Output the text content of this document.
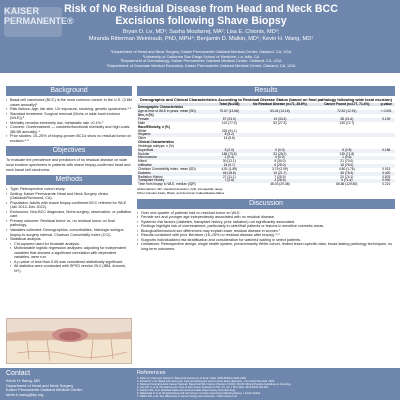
KAISER
PERMANENTE®
Risk of No Residual Disease from Head and Neck BCC Excisions following Shave Biopsy
Bryan D. Le, MD¹; Sasha Moufarrej, MA²; Lisa E. Chionis, MD³;
Miranda Ritterman Weintraub, PhD, MPH⁴; Benjamin D. Malkin, MD⁵; Kevin H. Wang, MD¹
¹Department of Head and Neck Surgery, Kaiser Permanente Oakland Medical Center, Oakland, CA, USA
²University of California San Diego School of Medicine, La Jolla, CA
³Department of Dermatology, Kaiser Permanente Oakland Medical Center, Oakland, CA, USA
⁴Department of Graduate Medical Education, Kaiser Permanente Oakland Medical Center, Oakland, CA, USA
Background
▪ Basal cell carcinoma (BCC) is the most common cancer in the U.S. (3.6M cases annually)¹
▪ Risk factors: Age, fair skin, UV exposure, smoking, genetic syndromes.¹·²
▪ Standard treatment: Surgical removal (Mohs or wide local excision (WLE)).³
▪ Mortality remains extremely low; metastatic rate <0.1%.¹
▪ Concern: Overtreatment — cosmetic/functional morbidity and high costs ($6.5B annually).⁴
▪ Prior studies: 15–25% of biopsy-proven BCCs show no residual tumor on excision.⁵·⁶
Objectives

To evaluate the prevalence and predictors of no residual disease on wide local excision specimens in patients with shave biopsy-confirmed head and neck basal cell carcinoma.

Methods
▪ Type: Retrospective cohort study.
▪ Setting: Kaiser Permanente Head and Neck Surgery clinics (Oakland/Richmond, CA).
▪ Population: Adults with shave biopsy-confirmed BCC referred for WLE (Jan 2012–Dec 2022).
▪ Exclusions: Non-BCC diagnoses, Mohs surgery, observation, or palliative care.
▪ Primary outcome: Residual tumor vs. no residual tumor on final pathology.
▪ Variables collected: Demographics, comorbidities, histologic subtype, biopsy-to-surgery interval, Charlson Comorbidity Index (CCI).
▪ Statistical analysis
▪ Chi-squared used for bivariate analysis.
▪ Multivariable logistic regression analyses: adjusting for independent variables that showed a significant correlation with dependent variables, were run.
▪ A p-value of less than 0.05 was considered statistically significant.
▪ All statistics were conducted with SPSS version 25.0 (IBM, Armonk, NY).
Results
Demographic and Clinical Characteristics According to Residual Disease Status (based on final pathology following wide local excision)
	Total (N=248)	No Residual Disease (n=71, 28.6%)	Cancer Found (n=177, 71.4%)	p-value
Demographic Characteristics				
Age at time of WLE in years, mean (SD)	70.67 (13.66)	63.44 (14.16)	72.62 (12.91)	< 0.001
Sex, n (%)				
Female	57 (23.0)	19 (33.3)	38 (21.6)	0.109
Male	191 (77.0)	52 (27.3)	139 (72.7)	
Race/Ethnicity, n (%)				
White	226 (91.1)			
Hispanic	8 (3.2)			
Other	14 (5.6)			
Clinical Characteristics				
Histologic subtype, n (%)				
Superficial	5 (2.0)	0 (0.0)	5 (2.8)	0.166
Nodular	188 (75.8)	53 (28.2)	135 (71.8)	
Micronodular	1 (0.4)	0 (0.0)	1 (0.6)	
Mixed	30 (12.1)	9 (30.0)	21 (70.0)	
Infiltrative	24 (9.7)	6 (25.0)	18 (75.0)	
Charlson Comorbidity Index, mean (SD)	4.51 (1.89)	3.79 (2.09)	4.80 (1.76)	0.013
Diabetes	46 (18.6)	10 (21.7)	36 (78.3)	0.420
Radiation History	27 (11.1)	7 (25.9)	20 (74.1)	0.876
Transplant History	7 (2.8)	2 (28.6)	5 (71.4)	0.992
Time from biopsy to WLE, median (IQR)		46.03 (29.48)	65.86 (129.80)	0.221
Abbreviations: SD, standard deviation; IQR, interquartile range
Other includes Asian, Black, and American Indian/Alaska Native
Discussion
▪ Over one-quarter of patients had no residual tumor on WLE.
▪ Female sex and younger age independently associated with no residual disease.
▪ Systemic risk factors (diabetes, transplant history, prior radiation) not significantly associated.
▪ Findings highlight risk of overtreatment, particularly in older/frail patients or lesions in sensitive cosmetic areas.
▪ Biological/behavioral sex differences may explain lower residual disease in women.⁷
▪ Results consistent with prior literature (15–25% no residual disease after biopsy).⁵·⁶
▪ Supports individualized risk stratification and consideration for watchful waiting in select patients.
▪ Limitations: Retrospective design, single health system, predominantly White cohort, limited lesion-specific data, broad-lasting pathology techniques, no long-term outcomes.
Contact
Kevin H. Wang, MD
Department of Head and Neck Surgery
Kaiser Permanente Oakland Medical Center
kevin.h.wang@kp.org
References
1. Rubin AI, Chen EH, Ratner D. Basal-cell carcinoma. N Engl J Med. 2005;353(21):2262-2269.
2. Kamath P, et al. Basal cell carcinoma: what dermatologists need to know about diagnosis. J Am Acad Dermatol. 2023.
3. National Comprehensive Cancer Network. Basal Cell Skin Cancer (Version 2.2024). NCCN Clinical Practice Guidelines in Oncology.
4. Guy GP Jr, et al. Prevalence and costs of skin cancer treatment in the U.S. Am J Prev Med. 2015;48(2):183-187.
5. Swetter SM, et al. Residual basal cell carcinoma after shave biopsy. Dermatol Surg.
6. Nakatsuka S, et al. Residual basal cell carcinoma in excision specimens following biopsy. J Cutan Pathol.
7. Dabbs DN, et al. Sex differences in cancer biology and outcomes. J Natl Cancer Inst.
